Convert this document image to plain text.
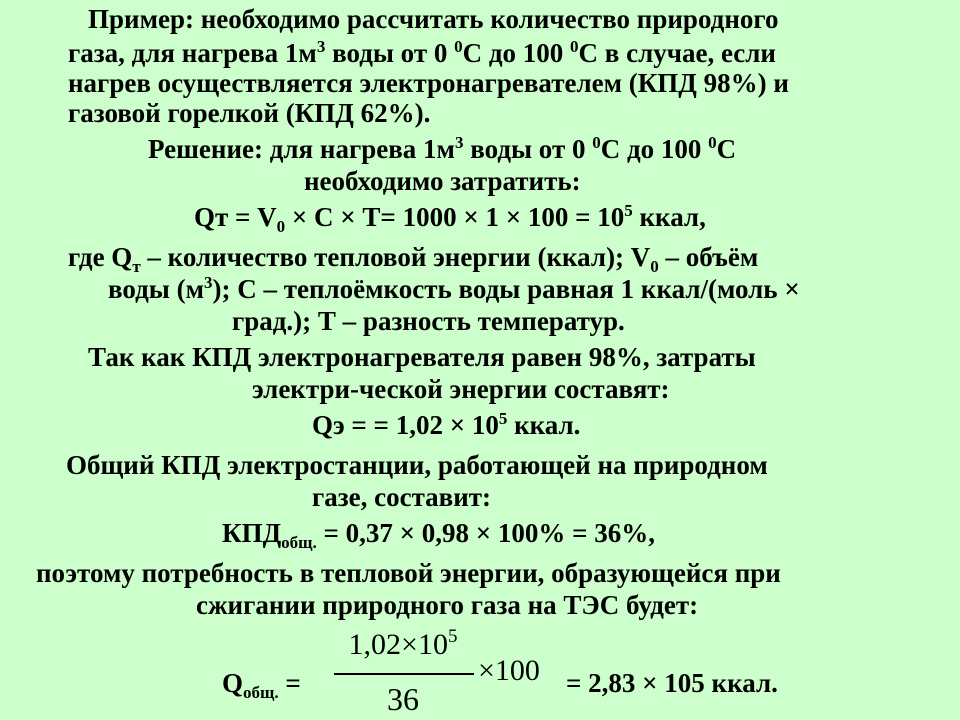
Пример: необходимо рассчитать количество природного
газа, для нагрева $1м^3$ воды от 0 $^0$С до 100 $^0$С в случае, если
нагрев осуществляется электронагревателем (КПД 98%) и
газовой горелкой (КПД 62%).
Решение: для нагрева $1м^3$ воды от 0 $^0$С до 100 $^0$С
необходимо затратить:
Qт = $V_0 \times С \times Т= 1000 \times 1 \times 100 = 10^5$ ккал,
где $Q_т$ – количество тепловой энергии (ккал); $V_0$ – объём
воды $(м^3)$; С – теплоёмкость воды равная 1 ккал/(моль ×
град.); Т – разность температур.
Так как КПД электронагревателя равен 98%, затраты
электри-ческой энергии составят:
Qэ = = $1,02 \times 10^5$ ккал.
Общий КПД электростанции, работающей на природном
газе, составит:
$КПД_{общ.} = 0,37 \times 0,98 \times 100\% = 36\%$,
поэтому потребность в тепловой энергии, образующейся при
сжигании природного газа на ТЭС будет:
$Q_{общ.}$ =
$1,02\times 10^5$
36
×100 = 2,83 × 105 ккал.
